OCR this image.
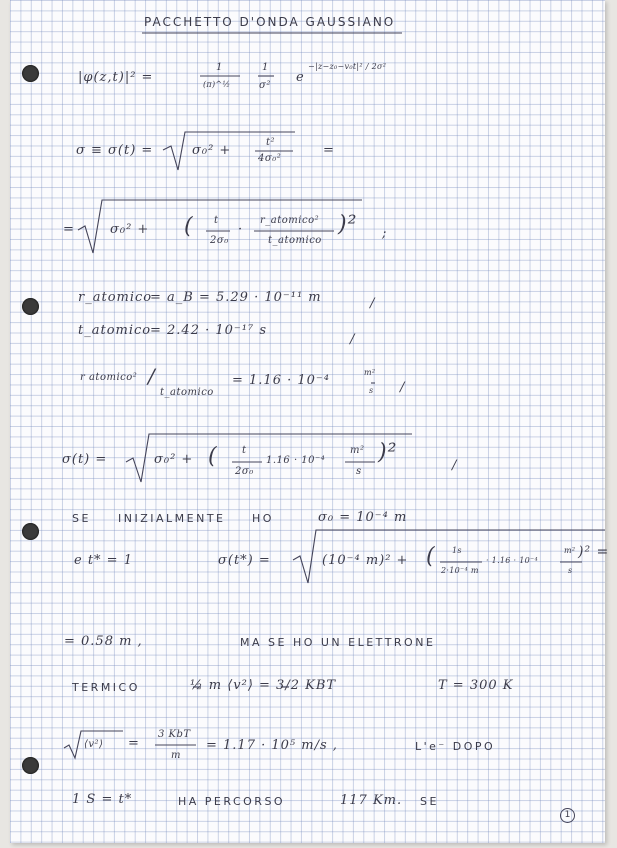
PACCHETTO D'ONDA GAUSSIANO
|φ(z,t)|² =
1
(π)^½
1
σ²
e
−|z−z₀−v₀t|² / 2σ²
σ ≡ σ(t) =	σ₀² +
t²
4σ₀²
=
=	σ₀² + ( t
2σ₀
·
r_atomico²
t_atomico
)² ;
r_atomico
= a_B = 5.29 · 10⁻¹¹ m	/
t_atomico
= 2.42 · 10⁻¹⁷ s
/
r atomico² /
t_atomico
= 1.16 · 10⁻⁴
m²
s /
σ(t) =	σ₀² + ( t
2σ₀
1.16 · 10⁻⁴
m²
s
)²
/
SE INIZIALMENTE HO	σ₀ = 10⁻⁴ m
e t* = 1	σ(t*) =	(10⁻⁴ m)² + ( 1s
2·10⁻⁴ m
· 1.16 · 10⁻⁴
m²
s
)² =
= 0.58 m ,	MA SE HO UN ELETTRONE
TERMICO	½ m ⟨v²⟩ = 3/2 KBT	T = 300 K
⟨v²⟩ =
3 KbT
m
= 1.17 · 10⁵ m/s ,	L'e⁻ DOPO
1 S = t*	HA PERCORSO	117 Km. SE
1
